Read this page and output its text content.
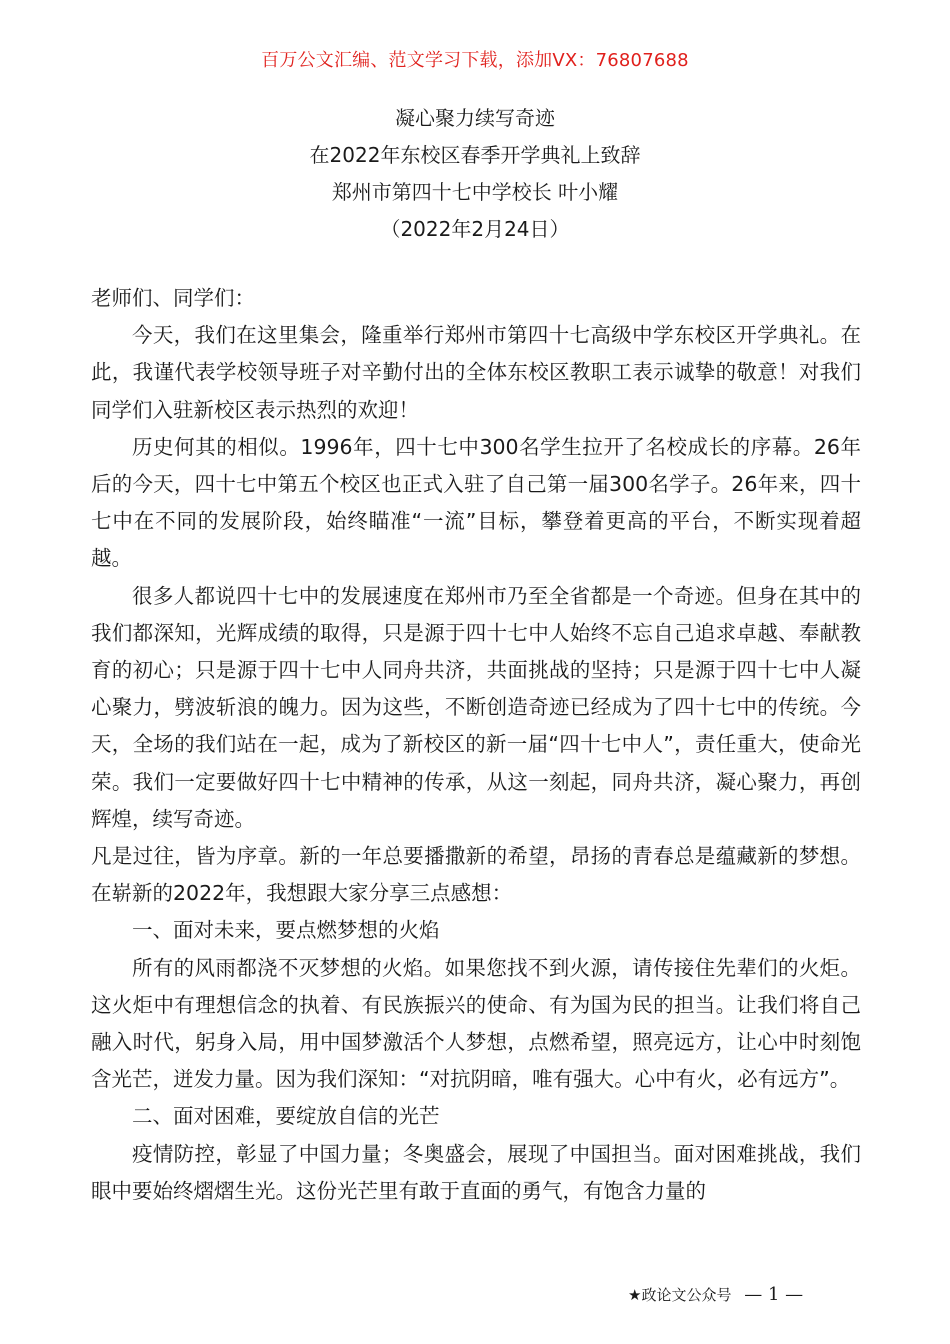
百万公文汇编、范文学习下载，添加VX：76807688
凝心聚力续写奇迹
在2022年东校区春季开学典礼上致辞
郑州市第四十七中学校长 叶小耀
（2022年2月24日）

老师们、同学们：

今天，我们在这里集会，隆重举行郑州市第四十七高级中学东校区开学典礼。在此，我谨代表学校领导班子对辛勤付出的全体东校区教职工表示诚挚的敬意！对我们同学们入驻新校区表示热烈的欢迎！

历史何其的相似。1996年，四十七中300名学生拉开了名校成长的序幕。26年后的今天，四十七中第五个校区也正式入驻了自己第一届300名学子。26年来，四十七中在不同的发展阶段，始终瞄准“一流”目标，攀登着更高的平台，不断实现着超越。

很多人都说四十七中的发展速度在郑州市乃至全省都是一个奇迹。但身在其中的我们都深知，光辉成绩的取得，只是源于四十七中人始终不忘自己追求卓越、奉献教育的初心；只是源于四十七中人同舟共济，共面挑战的坚持；只是源于四十七中人凝心聚力，劈波斩浪的魄力。因为这些，不断创造奇迹已经成为了四十七中的传统。今天，全场的我们站在一起，成为了新校区的新一届“四十七中人”，责任重大，使命光荣。我们一定要做好四十七中精神的传承，从这一刻起，同舟共济，凝心聚力，再创辉煌，续写奇迹。

凡是过往，皆为序章。新的一年总要播撒新的希望，昂扬的青春总是蕴藏新的梦想。在崭新的2022年，我想跟大家分享三点感想：

一、面对未来，要点燃梦想的火焰

所有的风雨都浇不灭梦想的火焰。如果您找不到火源，请传接住先辈们的火炬。这火炬中有理想信念的执着、有民族振兴的使命、有为国为民的担当。让我们将自己融入时代，躬身入局，用中国梦激活个人梦想，点燃希望，照亮远方，让心中时刻饱含光芒，迸发力量。因为我们深知：“对抗阴暗，唯有强大。心中有火，必有远方”。

二、面对困难，要绽放自信的光芒

疫情防控，彰显了中国力量；冬奥盛会，展现了中国担当。面对困难挑战，我们眼中要始终熠熠生光。这份光芒里有敢于直面的勇气，有饱含力量的

★政论文公众号 — 1 —
